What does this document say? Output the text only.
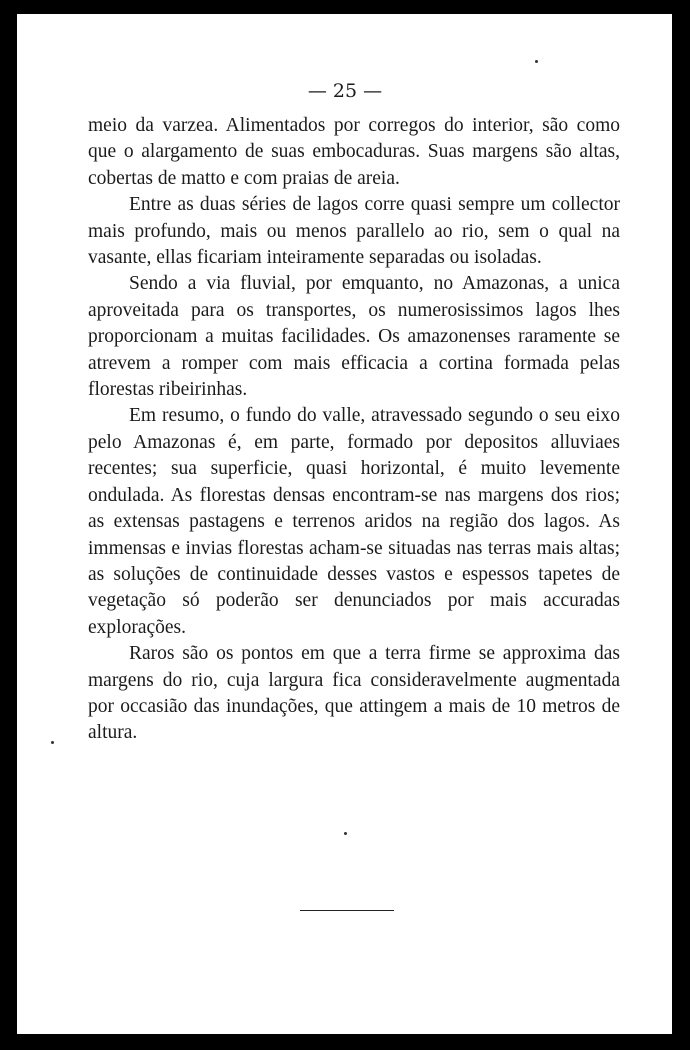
— 25 —

meio da varzea. Alimentados por corregos do interior, são como que o alargamento de suas embocaduras. Suas margens são altas, cobertas de matto e com praias de areia.

Entre as duas séries de lagos corre quasi sempre um collector mais profundo, mais ou menos parallelo ao rio, sem o qual na vasante, ellas ficariam inteiramente separadas ou isoladas.

Sendo a via fluvial, por emquanto, no Amazonas, a unica aproveitada para os transportes, os numerosissimos lagos lhes proporcionam a muitas facilidades. Os amazonenses raramente se atrevem a romper com mais efficacia a cortina formada pelas florestas ribeirinhas.

Em resumo, o fundo do valle, atravessado segundo o seu eixo pelo Amazonas é, em parte, formado por depositos alluviaes recentes; sua superficie, quasi horizontal, é muito levemente ondulada. As florestas densas encontram-se nas margens dos rios; as extensas pastagens e terrenos aridos na região dos lagos. As immensas e invias florestas acham-se situadas nas terras mais altas; as soluções de continuidade desses vastos e espessos tapetes de vegetação só poderão ser denunciados por mais accuradas explorações.

Raros são os pontos em que a terra firme se approxima das margens do rio, cuja largura fica consideravelmente augmentada por occasião das inundações, que attingem a mais de 10 metros de altura.
